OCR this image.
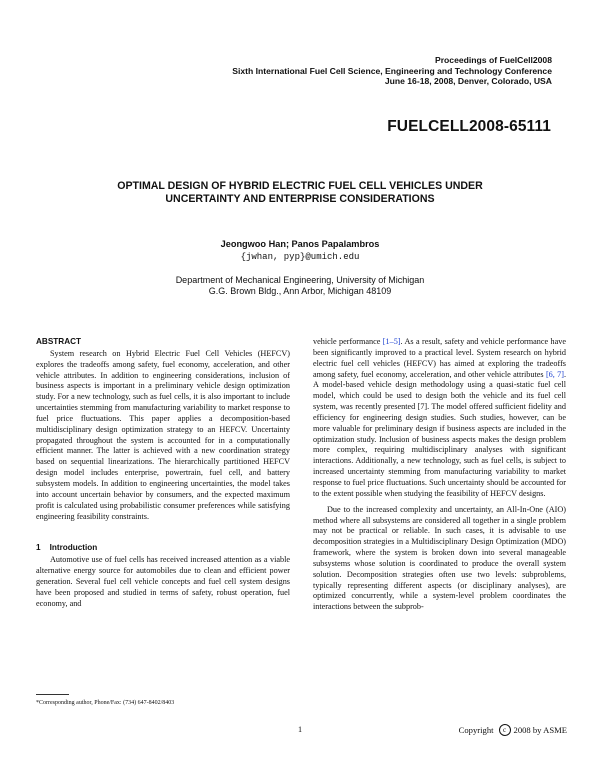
Proceedings of FuelCell2008
Sixth International Fuel Cell Science, Engineering and Technology Conference
June 16-18, 2008, Denver, Colorado, USA
FUELCELL2008-65111
OPTIMAL DESIGN OF HYBRID ELECTRIC FUEL CELL VEHICLES UNDER
UNCERTAINTY AND ENTERPRISE CONSIDERATIONS
Jeongwoo Han; Panos Papalambros
{jwhan, pyp}@umich.edu
Department of Mechanical Engineering, University of Michigan
G.G. Brown Bldg., Ann Arbor, Michigan 48109
ABSTRACT

System research on Hybrid Electric Fuel Cell Vehicles (HEFCV) explores the tradeoffs among safety, fuel economy, acceleration, and other vehicle attributes. In addition to engineering considerations, inclusion of business aspects is important in a preliminary vehicle design optimization study. For a new technology, such as fuel cells, it is also important to include uncertainties stemming from manufacturing variability to market response to fuel price fluctuations. This paper applies a decomposition-based multidisciplinary design optimization strategy to an HEFCV. Uncertainty propagated throughout the system is accounted for in a computationally efficient manner. The latter is achieved with a new coordination strategy based on sequential linearizations. The hierarchically partitioned HEFCV design model includes enterprise, powertrain, fuel cell, and battery subsystem models. In addition to engineering uncertainties, the model takes into account uncertain behavior by consumers, and the expected maximum profit is calculated using probabilistic consumer preferences while satisfying engineering feasibility constraints.

1 Introduction

Automotive use of fuel cells has received increased attention as a viable alternative energy source for automobiles due to clean and efficient power generation. Several fuel cell vehicle concepts and fuel cell system designs have been proposed and studied in terms of safety, robust operation, fuel economy, and

vehicle performance [1–5]. As a result, safety and vehicle performance have been significantly improved to a practical level. System research on hybrid electric fuel cell vehicles (HEFCV) has aimed at exploring the tradeoffs among safety, fuel economy, acceleration, and other vehicle attributes [6, 7]. A model-based vehicle design methodology using a quasi-static fuel cell model, which could be used to design both the vehicle and its fuel cell system, was recently presented [7]. The model offered sufficient fidelity and efficiency for engineering design studies. Such studies, however, can be more valuable for preliminary design if business aspects are included in the optimization study. Inclusion of business aspects makes the design problem more complex, requiring multidisciplinary analyses with significant interactions. Additionally, a new technology, such as fuel cells, is subject to increased uncertainty stemming from manufacturing variability to market response to fuel price fluctuations. Such uncertainty should be accounted for to the extent possible when studying the feasibility of HEFCV designs.

Due to the increased complexity and uncertainty, an All-In-One (AIO) method where all subsystems are considered all together in a single problem may not be practical or reliable. In such cases, it is advisable to use decomposition strategies in a Multidisciplinary Design Optimization (MDO) framework, where the system is broken down into several manageable subsystems whose solution is coordinated to produce the overall system solution. Decomposition strategies often use two levels: subproblems, typically representing different aspects (or disciplinary analyses), are optimized concurrently, while a system-level problem coordinates the interactions between the subprob-

*Corresponding author, Phone/Fax: (734) 647-8402/8403
1	Copyright	c 2008 by ASME
